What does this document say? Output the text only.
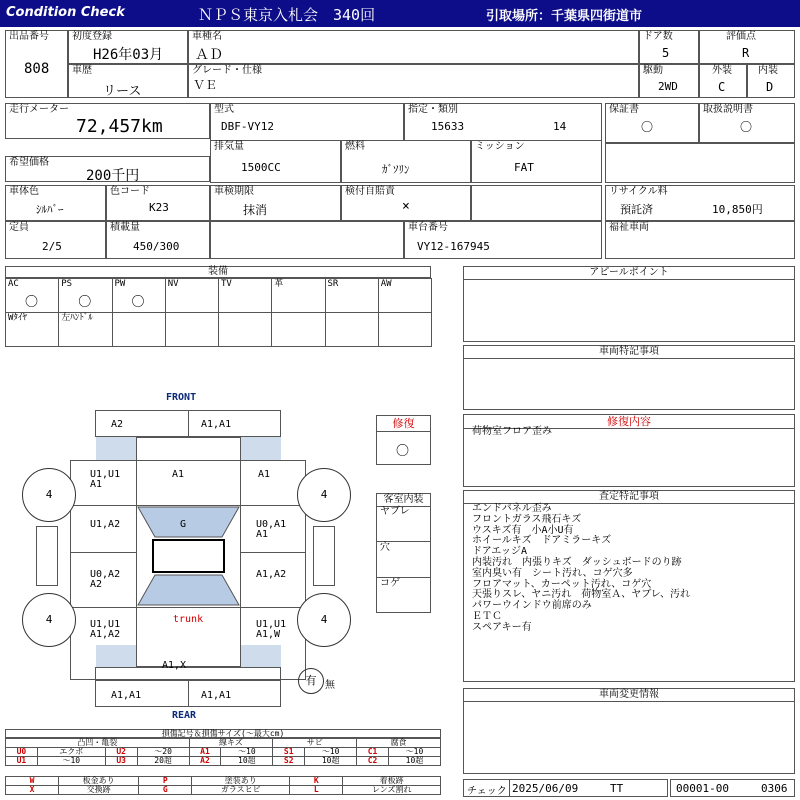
Condition Check	ＮＰＳ東京入札会　340回	引取場所：千葉県四街道市
出品番号
808
初度登録
H26年03月
車種名
ＡＤ
ドア数
5
評価点
R
車歴
リース
グレード・仕様
ＶＥ
駆動
2WD
外装
C
内装
D
走行メーター
72,457km
型式
DBF-VY12
指定・類別
15633	14
保証書
〇
取扱説明書
〇
希望価格
200千円
排気量
1500CC
燃料
ｶﾞｿﾘﾝ
ミッション
FAT
車体色
ｼﾙﾊﾞｰ
色コード
K23
車検期限
抹消
検付自賠責
×
リサイクル料
預託済	10,850円
定員
2/5
積載量
450/300
車台番号
VY12-167945
福祉車両
装備
AC
〇
PS
〇
PW
〇
NV	TV	革	SR	AW
Wﾀｲﾔ	左ﾊﾝﾄﾞﾙ
アピールポイント
車両特記事項
修復
〇
修復内容
荷物室フロア歪み
客室内装
ヤブレ
穴
コゲ
査定特記事項
エンドパネル歪み
フロントガラス飛石キズ
ウスキズ有　小A小U有
ホイールキズ　ドアミラーキズ
ドアエッジA
内装汚れ　内張りキズ　ダッシュボードのり跡
室内臭い有　シート汚れ、コゲ穴多
フロアマット、カーペット汚れ、コゲ穴
天張りスレ、ヤニ汚れ　荷物室Ａ、ヤブレ、汚れ
パワーウインドウ前席のみ
ＥＴＣ
スペアキー有
車両変更情報
チェック 2025/06/09	TT	00001-00	0306
FRONT
REAR
4	4
4	4
A2	A1,A1
U1,U1
A1
A1	A1
U1,A2	U0,A1
A1
G
U0,A2
A2
A1,A2
U1,U1
A1,A2
U1,U1
A1,W
trunk
A1,X
A1,A1	A1,A1
有 無
損傷記号＆損傷サイズ(～最大cm)
凸凹・亀裂				線キズ		サビ		腐食	
U0	エクボ	U2	～20	A1	～10	S1	～10	C1	～10
U1	～10	U3	20超	A2	10超	S2	10超	C2	10超
W	板金あり	P	塗装あり	K	着板跡
X	交換跡	G	ガラスヒビ	L	レンズ割れ
